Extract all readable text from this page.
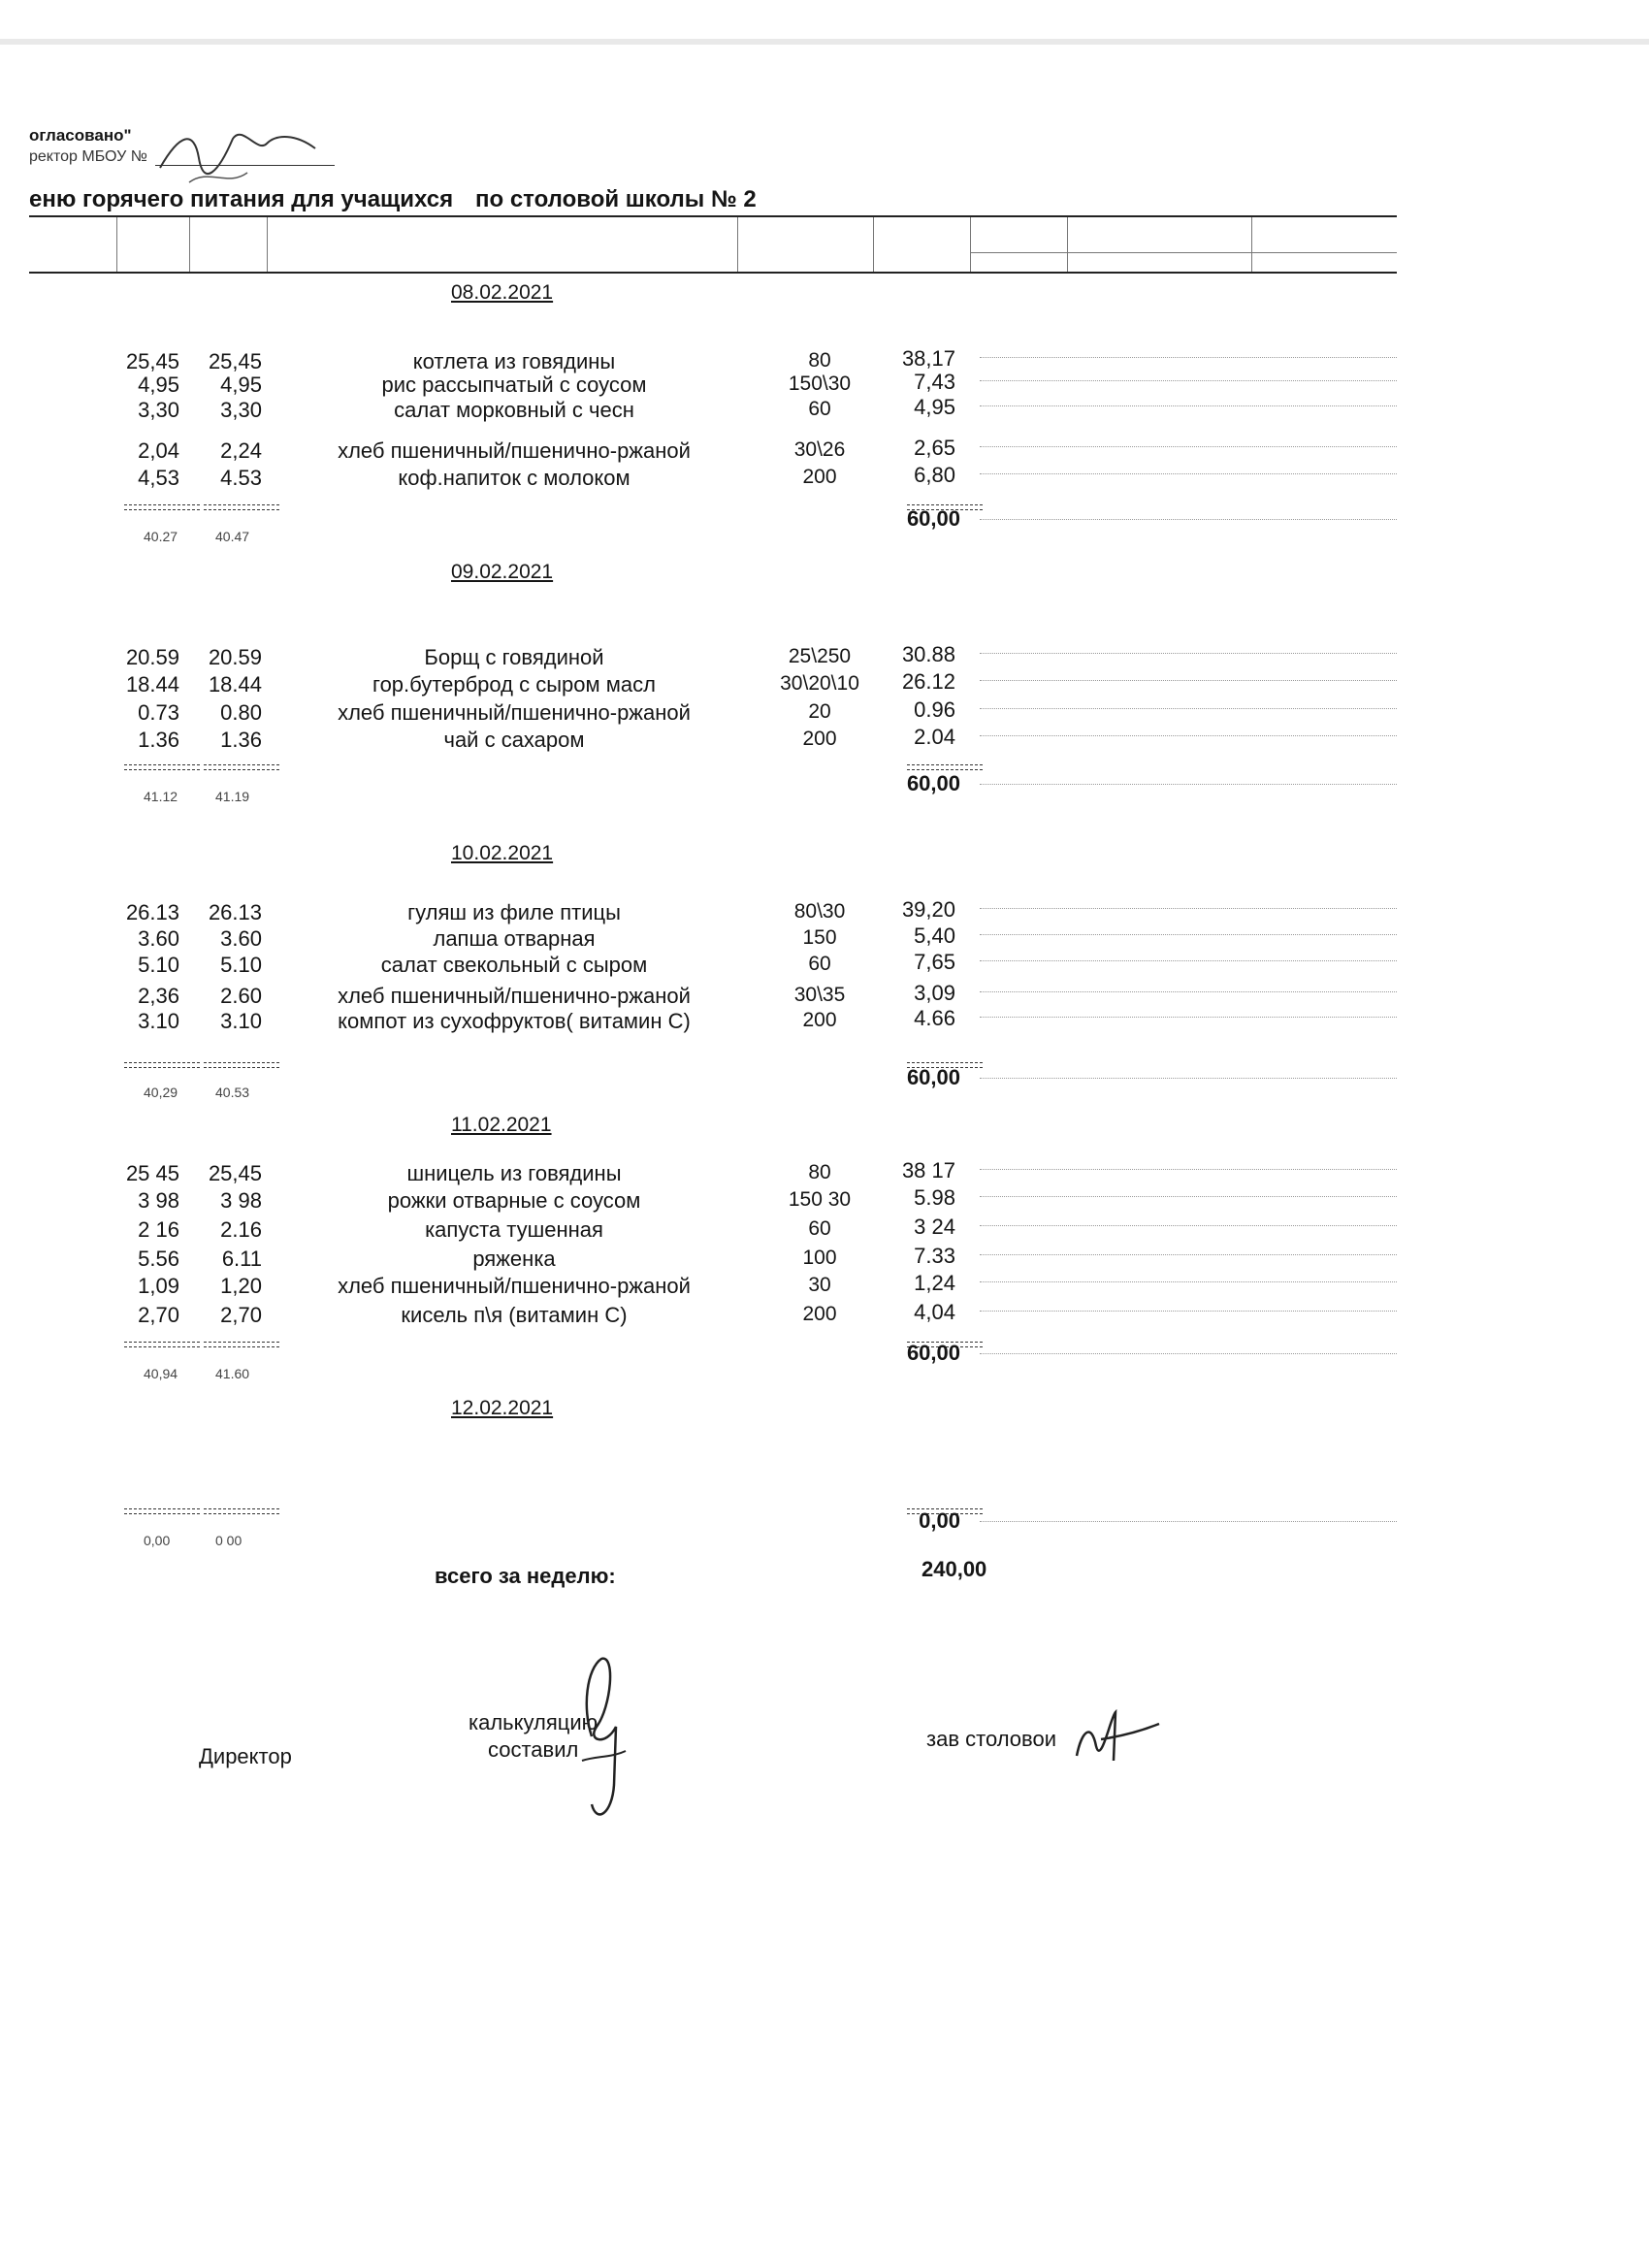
огласовано"
ректор МБОУ №
еню горячего питания для учащихся по столовой школы № 2
08.02.2021
25,45	25,45	котлета из говядины	80	38,17
4,95	4,95	рис рассыпчатый с соусом	150\30	7,43
3,30	3,30	салат морковный с чесн	60	4,95
2,04	2,24	хлеб пшеничный/пшенично-ржаной	30\26	2,65
4,53	4.53	коф.напиток с молоком	200	6,80
40.27	40.47
60,00
09.02.2021
20.59	20.59	Борщ с говядиной	25\250	30.88
18.44	18.44	гор.бутерброд с сыром масл	30\20\10	26.12
0.73	0.80	хлеб пшеничный/пшенично-ржаной	20	0.96
1.36	1.36	чай с сахаром	200	2.04
41.12	41.19
60,00
10.02.2021
26.13	26.13	гуляш из филе птицы	80\30	39,20
3.60	3.60	лапша отварная	150	5,40
5.10	5.10	салат свекольный с сыром	60	7,65
2,36	2.60	хлеб пшеничный/пшенично-ржаной	30\35	3,09
3.10	3.10	компот из сухофруктов( витамин С)	200	4.66
40,29	40.53
60,00
11.02.2021
25 45	25,45	шницель из говядины	80	38 17
3 98	3 98	рожки отварные с соусом	150 30	5.98
2 16	2.16	капуста тушенная	60	3 24
5.56	6.11	ряженка	100	7.33
1,09	1,20	хлеб пшеничный/пшенично-ржаной	30	1,24
2,70	2,70	кисель п\я (витамин С)	200	4,04
40,94	41.60
60,00
12.02.2021
0,00	0 00
0,00
всего за неделю:	240,00
Директор
калькуляцию
составил	зав столовои
